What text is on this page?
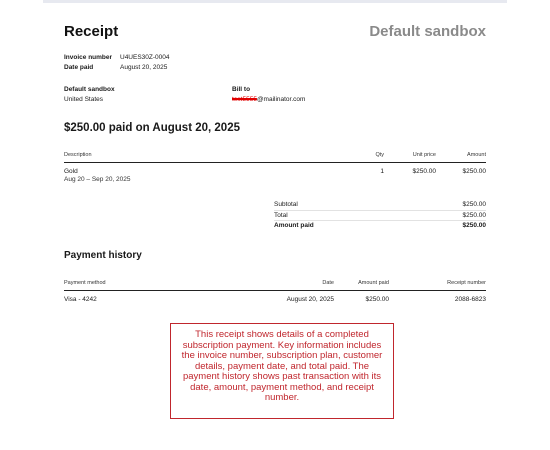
Receipt	Default sandbox
Invoice number	U4UES30Z-0004
Date paid	August 20, 2025
Default sandbox
United States
Bill to
test5555@mailinator.com
$250.00 paid on August 20, 2025
Description	Qty	Unit price	Amount
Gold
Aug 20 – Sep 20, 2025
1	$250.00	$250.00
Subtotal	$250.00
Total	$250.00
Amount paid	$250.00
Payment history
Payment method	Date	Amount paid	Receipt number
Visa - 4242	August 20, 2025	$250.00	2088-6823
This receipt shows details of a completed subscription payment. Key information includes the invoice number, subscription plan, customer details, payment date, and total paid. The payment history shows past transaction with its date, amount, payment method, and receipt number.
